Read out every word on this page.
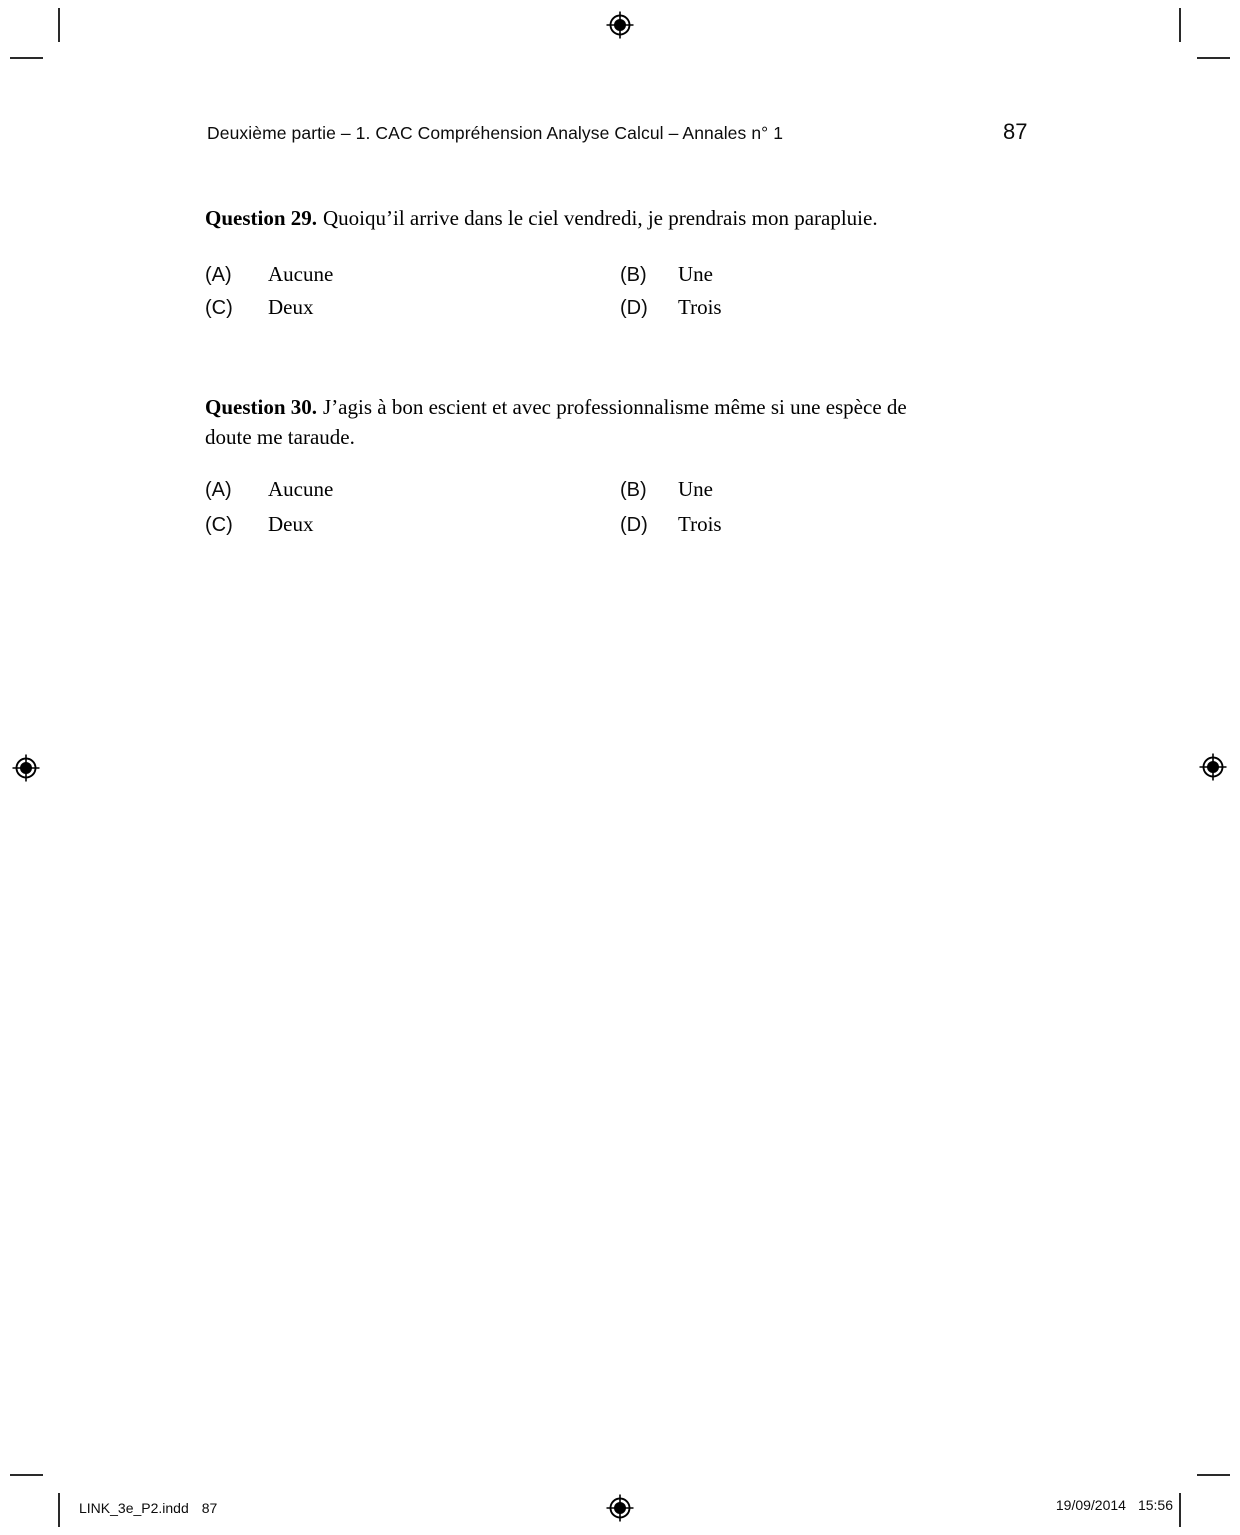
Deuxième partie – 1. CAC Compréhension Analyse Calcul – Annales n° 1	87
Question 29. Quoiqu’il arrive dans le ciel vendredi, je prendrais mon parapluie.
(A)	Aucune	(B)	Une
(C)	Deux	(D)	Trois
Question 30. J’agis à bon escient et avec professionnalisme même si une espèce de
doute me taraude.
(A)	Aucune	(B)	Une
(C)	Deux	(D)	Trois
LINK_3e_P2.indd 87	19/09/2014 15:56
